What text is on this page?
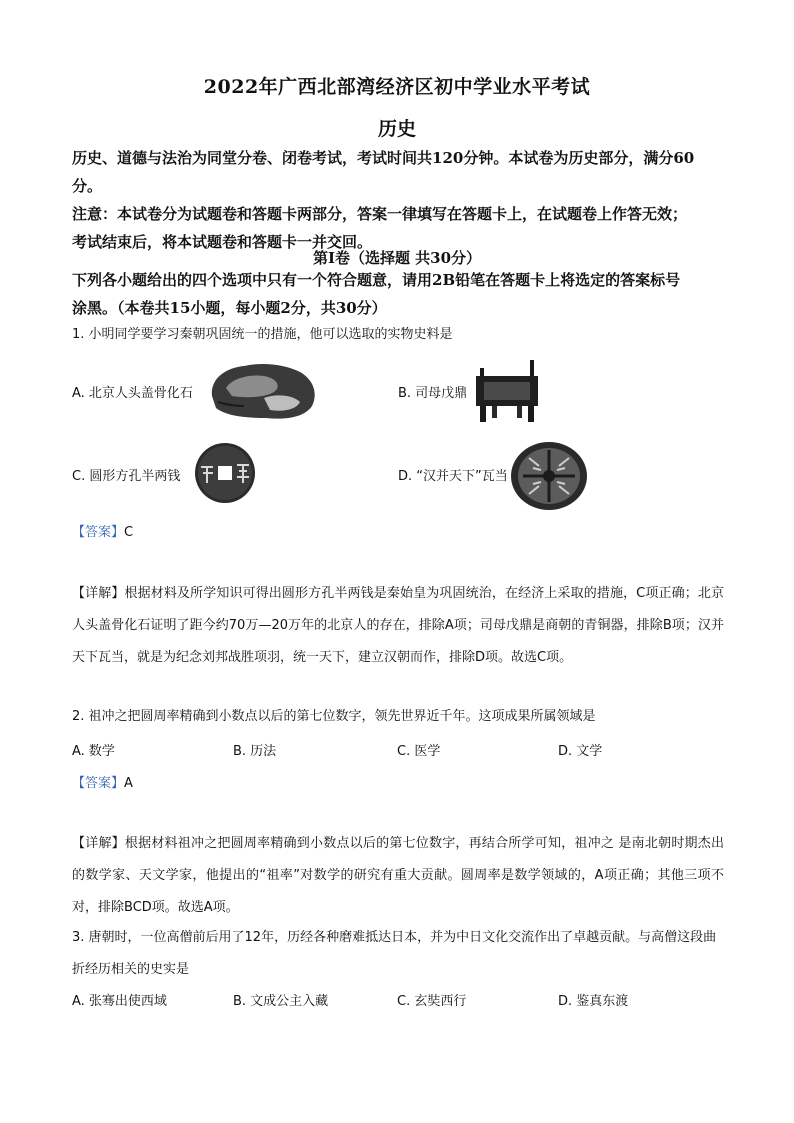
2022年广西北部湾经济区初中学业水平考试
历史
历史、道德与法治为同堂分卷、闭卷考试，考试时间共120分钟。本试卷为历史部分，满分60
分。
注意：本试卷分为试题卷和答题卡两部分，答案一律填写在答题卡上，在试题卷上作答无效；
考试结束后，将本试题卷和答题卡一并交回。
第Ⅰ卷（选择题 共30分）
下列各小题给出的四个选项中只有一个符合题意，请用2B铅笔在答题卡上将选定的答案标号
涂黑。（本卷共15小题，每小题2分，共30分）
1. 小明同学要学习秦朝巩固统一的措施，他可以选取的实物史料是
A. 北京人头盖骨化石	B. 司母戊鼎
C. 圆形方孔半两钱	D. “汉并天下”瓦当
【答案】C
【详解】根据材料及所学知识可得出圆形方孔半两钱是秦始皇为巩固统治，在经济上采取的措施，C项正确；北京人头盖骨化石证明了距今约70万—20万年的北京人的存在，排除A项；司母戊鼎是商朝的青铜器，排除B项；汉并天下瓦当，就是为纪念刘邦战胜项羽，统一天下，建立汉朝而作，排除D项。故选C项。
2. 祖冲之把圆周率精确到小数点以后的第七位数字，领先世界近千年。这项成果所属领域是
A. 数学	B. 历法	C. 医学	D. 文学
【答案】A
【详解】根据材料祖冲之把圆周率精确到小数点以后的第七位数字，再结合所学可知，祖冲之 是南北朝时期杰出的数学家、天文学家，他提出的“祖率”对数学的研究有重大贡献。圆周率是数学领域的，A项正确；其他三项不对，排除BCD项。故选A项。
3. 唐朝时，一位高僧前后用了12年，历经各种磨难抵达日本，并为中日文化交流作出了卓越贡献。与高僧这段曲折经历相关的史实是
A. 张骞出使西域	B. 文成公主入藏	C. 玄奘西行	D. 鉴真东渡
